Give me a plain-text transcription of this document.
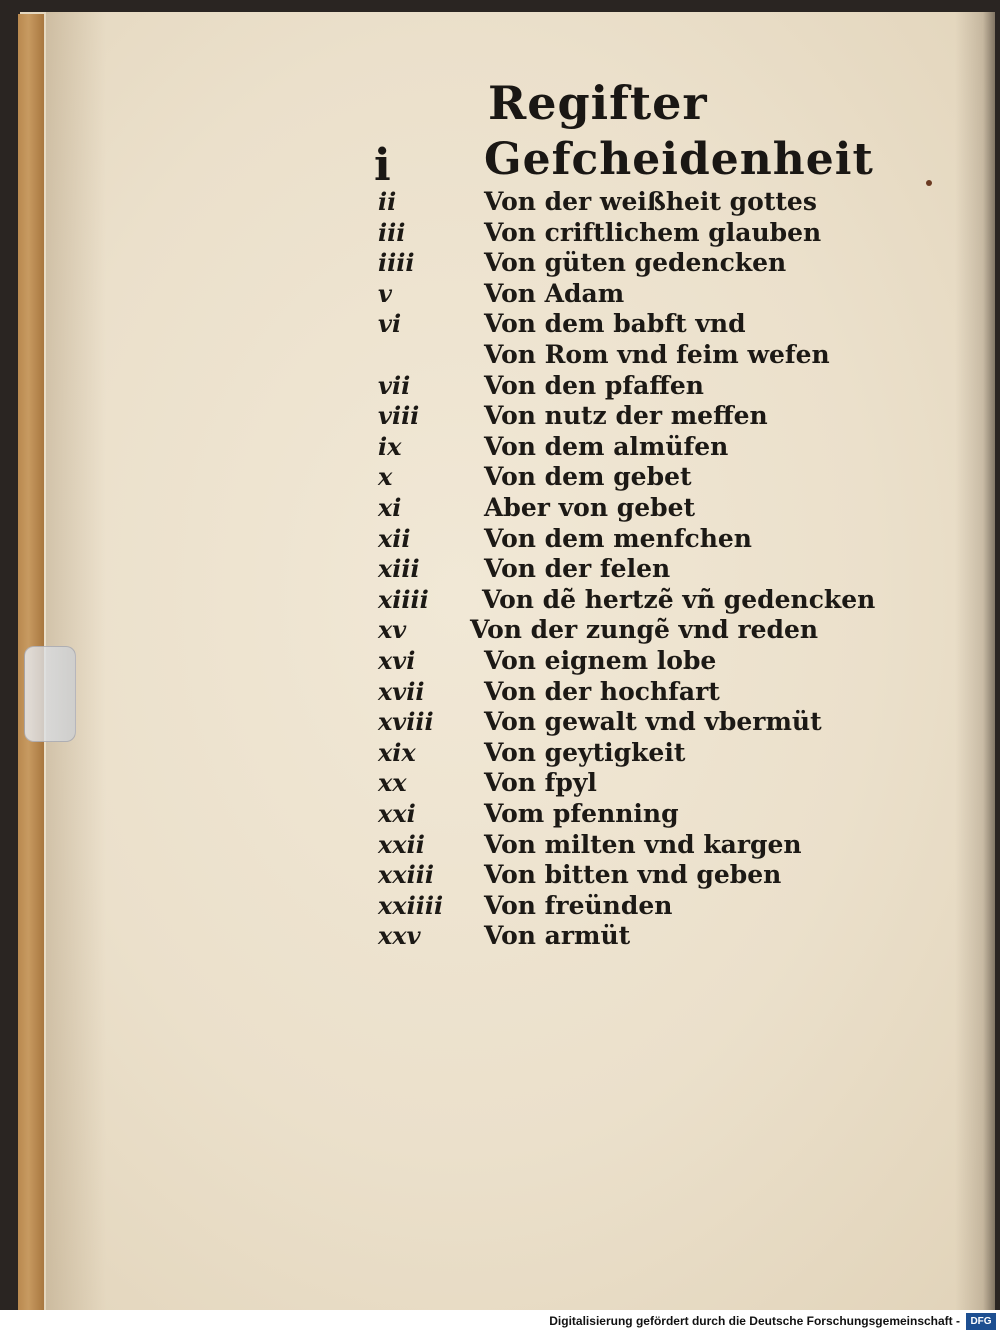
Regifter
i Gefcheidenheit
ii	Von der weißheit gottes
iii	Von criftlichem glauben
iiii	Von güten gedencken
v	Von Adam
vi	Von dem babft vnd
Von Rom vnd feim wefen
vii	Von den pfaffen
viii	Von nutz der meffen
ix	Von dem almüfen
x	Von dem gebet
xi	Aber von gebet
xii	Von dem menfchen
xiii	Von der felen
xiiii Von dẽ hertzẽ vñ gedencken
xv	Von der zungẽ vnd reden
xvi	Von eignem lobe
xvii Von der hochfart
xviii Von gewalt vnd vbermüt
xix	Von geytigkeit
xx	Von fpyl
xxi	Vom pfenning
xxii Von milten vnd kargen
xxiii Von bitten vnd geben
xxiiii Von freünden
xxv	Von armüt
Digitalisierung gefördert durch die Deutsche Forschungsgemeinschaft -	DFG
